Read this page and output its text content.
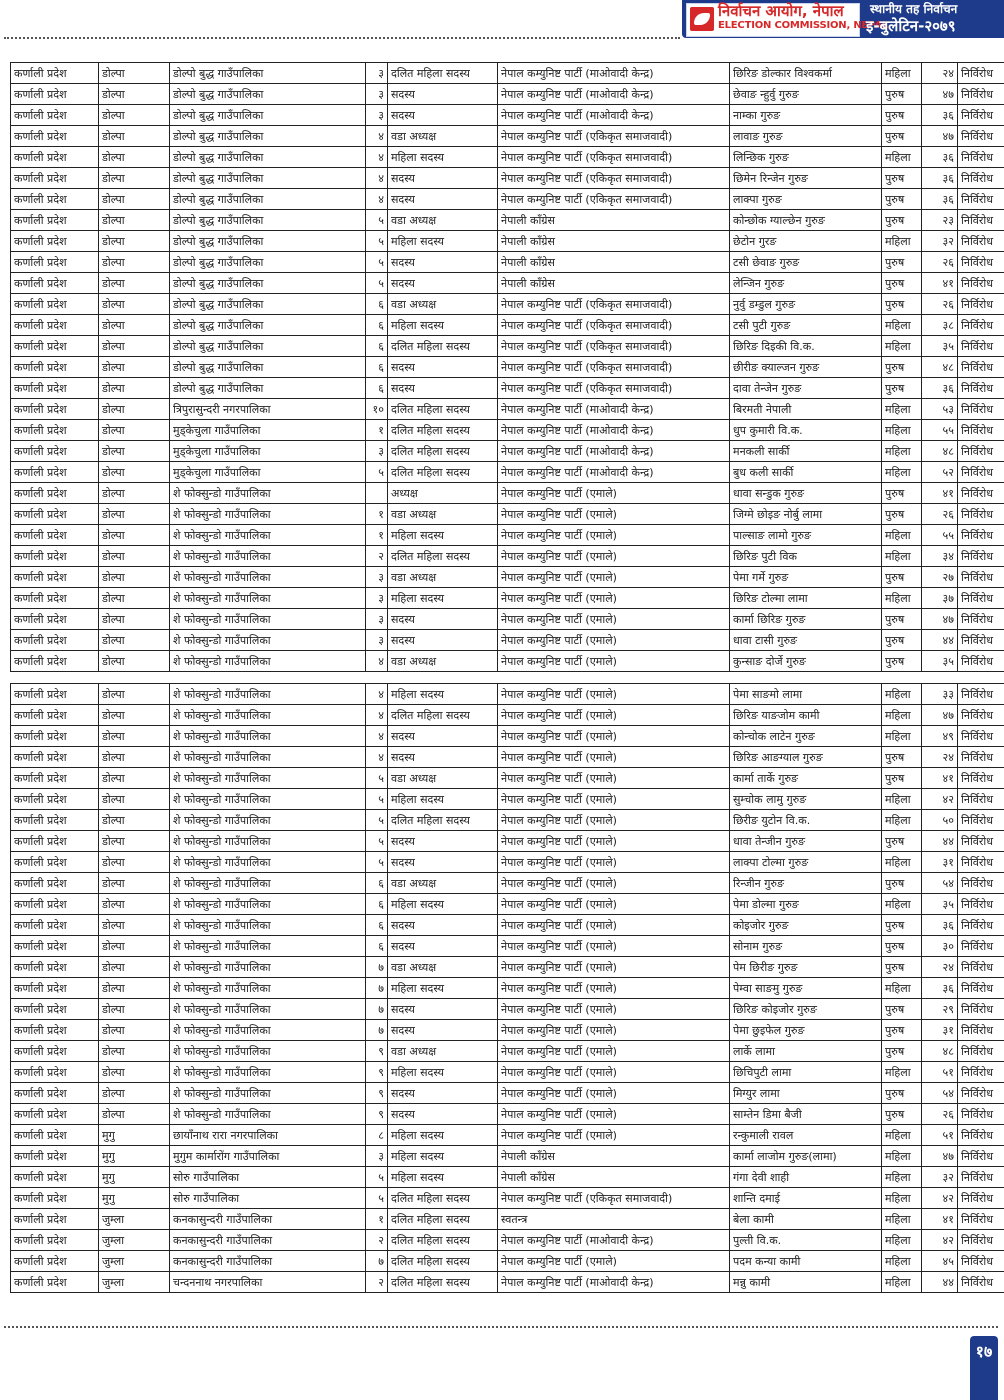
निर्वाचन आयोग, नेपाल
ELECTION COMMISSION, NEPAL
स्थानीय तह निर्वाचन
इ-बुलेटिन-२०७९
कर्णाली प्रदेश	डोल्पा	डोल्पो बुद्ध गाउँपालिका	३	दलित महिला सदस्य	नेपाल कम्युनिष्ट पार्टी (माओवादी केन्द्र)	छिरिङ डोल्कार विश्वकर्मा	महिला	२४	निर्विरोध
कर्णाली प्रदेश	डोल्पा	डोल्पो बुद्ध गाउँपालिका	३	सदस्य	नेपाल कम्युनिष्ट पार्टी (माओवादी केन्द्र)	छेवाङ न्हुर्वु गुरुङ	पुरुष	४७	निर्विरोध
कर्णाली प्रदेश	डोल्पा	डोल्पो बुद्ध गाउँपालिका	३	सदस्य	नेपाल कम्युनिष्ट पार्टी (माओवादी केन्द्र)	नाम्का गुरुङ	पुरुष	३६	निर्विरोध
कर्णाली प्रदेश	डोल्पा	डोल्पो बुद्ध गाउँपालिका	४	वडा अध्यक्ष	नेपाल कम्युनिष्ट पार्टी (एकिकृत समाजवादी)	लावाङ गुरुङ	पुरुष	४७	निर्विरोध
कर्णाली प्रदेश	डोल्पा	डोल्पो बुद्ध गाउँपालिका	४	महिला सदस्य	नेपाल कम्युनिष्ट पार्टी (एकिकृत समाजवादी)	लिन्छिक गुरुङ	महिला	३६	निर्विरोध
कर्णाली प्रदेश	डोल्पा	डोल्पो बुद्ध गाउँपालिका	४	सदस्य	नेपाल कम्युनिष्ट पार्टी (एकिकृत समाजवादी)	छिमेन रिन्जेन गुरुङ	पुरुष	३६	निर्विरोध
कर्णाली प्रदेश	डोल्पा	डोल्पो बुद्ध गाउँपालिका	४	सदस्य	नेपाल कम्युनिष्ट पार्टी (एकिकृत समाजवादी)	लाक्पा गुरुङ	पुरुष	३६	निर्विरोध
कर्णाली प्रदेश	डोल्पा	डोल्पो बुद्ध गाउँपालिका	५	वडा अध्यक्ष	नेपाली काँग्रेस	कोन्छोक ग्याल्छेन गुरुङ	पुरुष	२३	निर्विरोध
कर्णाली प्रदेश	डोल्पा	डोल्पो बुद्ध गाउँपालिका	५	महिला सदस्य	नेपाली काँग्रेस	छेटोन गुरङ	महिला	३२	निर्विरोध
कर्णाली प्रदेश	डोल्पा	डोल्पो बुद्ध गाउँपालिका	५	सदस्य	नेपाली काँग्रेस	टसी छेवाङ गुरुङ	पुरुष	२६	निर्विरोध
कर्णाली प्रदेश	डोल्पा	डोल्पो बुद्ध गाउँपालिका	५	सदस्य	नेपाली काँग्रेस	लेन्जिन गुरुङ	पुरुष	४१	निर्विरोध
कर्णाली प्रदेश	डोल्पा	डोल्पो बुद्ध गाउँपालिका	६	वडा अध्यक्ष	नेपाल कम्युनिष्ट पार्टी (एकिकृत समाजवादी)	नुर्वु डम्डुल गुरुङ	पुरुष	२६	निर्विरोध
कर्णाली प्रदेश	डोल्पा	डोल्पो बुद्ध गाउँपालिका	६	महिला सदस्य	नेपाल कम्युनिष्ट पार्टी (एकिकृत समाजवादी)	टसी पुटी गुरुङ	महिला	३८	निर्विरोध
कर्णाली प्रदेश	डोल्पा	डोल्पो बुद्ध गाउँपालिका	६	दलित महिला सदस्य	नेपाल कम्युनिष्ट पार्टी (एकिकृत समाजवादी)	छिरिङ दिइकी वि.क.	महिला	३५	निर्विरोध
कर्णाली प्रदेश	डोल्पा	डोल्पो बुद्ध गाउँपालिका	६	सदस्य	नेपाल कम्युनिष्ट पार्टी (एकिकृत समाजवादी)	छीरीङ क्याल्जन गुरुङ	पुरुष	४८	निर्विरोध
कर्णाली प्रदेश	डोल्पा	डोल्पो बुद्ध गाउँपालिका	६	सदस्य	नेपाल कम्युनिष्ट पार्टी (एकिकृत समाजवादी)	दावा तेन्जेन गुरुङ	पुरुष	३६	निर्विरोध
कर्णाली प्रदेश	डोल्पा	त्रिपुरासुन्दरी नगरपालिका	१०	दलित महिला सदस्य	नेपाल कम्युनिष्ट पार्टी (माओवादी केन्द्र)	बिरमती नेपाली	महिला	५३	निर्विरोध
कर्णाली प्रदेश	डोल्पा	मुड्केचुला गाउँपालिका	१	दलित महिला सदस्य	नेपाल कम्युनिष्ट पार्टी (माओवादी केन्द्र)	धुप कुमारी वि.क.	महिला	५५	निर्विरोध
कर्णाली प्रदेश	डोल्पा	मुड्केचुला गाउँपालिका	३	दलित महिला सदस्य	नेपाल कम्युनिष्ट पार्टी (माओवादी केन्द्र)	मनकली सार्की	महिला	४८	निर्विरोध
कर्णाली प्रदेश	डोल्पा	मुड्केचुला गाउँपालिका	५	दलित महिला सदस्य	नेपाल कम्युनिष्ट पार्टी (माओवादी केन्द्र)	बुध कली सार्की	महिला	५२	निर्विरोध
कर्णाली प्रदेश	डोल्पा	शे फोक्सुन्डो गाउँपालिका		अध्यक्ष	नेपाल कम्युनिष्ट पार्टी (एमाले)	धावा सन्डुक गुरुङ	पुरुष	४१	निर्विरोध
कर्णाली प्रदेश	डोल्पा	शे फोक्सुन्डो गाउँपालिका	१	वडा अध्यक्ष	नेपाल कम्युनिष्ट पार्टी (एमाले)	जिग्मे छोइङ नोर्बु लामा	पुरुष	२६	निर्विरोध
कर्णाली प्रदेश	डोल्पा	शे फोक्सुन्डो गाउँपालिका	१	महिला सदस्य	नेपाल कम्युनिष्ट पार्टी (एमाले)	पाल्साङ लामो गुरुङ	महिला	५५	निर्विरोध
कर्णाली प्रदेश	डोल्पा	शे फोक्सुन्डो गाउँपालिका	२	दलित महिला सदस्य	नेपाल कम्युनिष्ट पार्टी (एमाले)	छिरिङ पुटी विक	महिला	३४	निर्विरोध
कर्णाली प्रदेश	डोल्पा	शे फोक्सुन्डो गाउँपालिका	३	वडा अध्यक्ष	नेपाल कम्युनिष्ट पार्टी (एमाले)	पेमा गर्मे गुरुङ	पुरुष	२७	निर्विरोध
कर्णाली प्रदेश	डोल्पा	शे फोक्सुन्डो गाउँपालिका	३	महिला सदस्य	नेपाल कम्युनिष्ट पार्टी (एमाले)	छिरिङ टोल्मा लामा	महिला	३७	निर्विरोध
कर्णाली प्रदेश	डोल्पा	शे फोक्सुन्डो गाउँपालिका	३	सदस्य	नेपाल कम्युनिष्ट पार्टी (एमाले)	कार्मा छिरिङ गुरुङ	पुरुष	४७	निर्विरोध
कर्णाली प्रदेश	डोल्पा	शे फोक्सुन्डो गाउँपालिका	३	सदस्य	नेपाल कम्युनिष्ट पार्टी (एमाले)	धावा टासी गुरुङ	पुरुष	४४	निर्विरोध
कर्णाली प्रदेश	डोल्पा	शे फोक्सुन्डो गाउँपालिका	४	वडा अध्यक्ष	नेपाल कम्युनिष्ट पार्टी (एमाले)	कुन्साङ दोर्जे गुरुङ	पुरुष	३५	निर्विरोध
कर्णाली प्रदेश	डोल्पा	शे फोक्सुन्डो गाउँपालिका	४	महिला सदस्य	नेपाल कम्युनिष्ट पार्टी (एमाले)	पेमा साङमो लामा	महिला	३३	निर्विरोध
कर्णाली प्रदेश	डोल्पा	शे फोक्सुन्डो गाउँपालिका	४	दलित महिला सदस्य	नेपाल कम्युनिष्ट पार्टी (एमाले)	छिरिङ याङजोम कामी	महिला	४७	निर्विरोध
कर्णाली प्रदेश	डोल्पा	शे फोक्सुन्डो गाउँपालिका	४	सदस्य	नेपाल कम्युनिष्ट पार्टी (एमाले)	कोन्चोक लाटेन गुरुङ	महिला	४९	निर्विरोध
कर्णाली प्रदेश	डोल्पा	शे फोक्सुन्डो गाउँपालिका	४	सदस्य	नेपाल कम्युनिष्ट पार्टी (एमाले)	छिरिङ आङग्याल गुरुङ	पुरुष	२४	निर्विरोध
कर्णाली प्रदेश	डोल्पा	शे फोक्सुन्डो गाउँपालिका	५	वडा अध्यक्ष	नेपाल कम्युनिष्ट पार्टी (एमाले)	कार्मा तार्के गुरुङ	पुरुष	४१	निर्विरोध
कर्णाली प्रदेश	डोल्पा	शे फोक्सुन्डो गाउँपालिका	५	महिला सदस्य	नेपाल कम्युनिष्ट पार्टी (एमाले)	सुम्चोक लामु गुरुङ	महिला	४२	निर्विरोध
कर्णाली प्रदेश	डोल्पा	शे फोक्सुन्डो गाउँपालिका	५	दलित महिला सदस्य	नेपाल कम्युनिष्ट पार्टी (एमाले)	छिरीङ युटोन वि.क.	महिला	५०	निर्विरोध
कर्णाली प्रदेश	डोल्पा	शे फोक्सुन्डो गाउँपालिका	५	सदस्य	नेपाल कम्युनिष्ट पार्टी (एमाले)	धावा तेन्जीन गुरुङ	पुरुष	४४	निर्विरोध
कर्णाली प्रदेश	डोल्पा	शे फोक्सुन्डो गाउँपालिका	५	सदस्य	नेपाल कम्युनिष्ट पार्टी (एमाले)	लाक्पा टोल्मा गुरुङ	महिला	३१	निर्विरोध
कर्णाली प्रदेश	डोल्पा	शे फोक्सुन्डो गाउँपालिका	६	वडा अध्यक्ष	नेपाल कम्युनिष्ट पार्टी (एमाले)	रिन्जीन गुरुङ	पुरुष	५४	निर्विरोध
कर्णाली प्रदेश	डोल्पा	शे फोक्सुन्डो गाउँपालिका	६	महिला सदस्य	नेपाल कम्युनिष्ट पार्टी (एमाले)	पेमा डोल्मा गुरुङ	महिला	३५	निर्विरोध
कर्णाली प्रदेश	डोल्पा	शे फोक्सुन्डो गाउँपालिका	६	सदस्य	नेपाल कम्युनिष्ट पार्टी (एमाले)	कोइजोर गुरुङ	पुरुष	३६	निर्विरोध
कर्णाली प्रदेश	डोल्पा	शे फोक्सुन्डो गाउँपालिका	६	सदस्य	नेपाल कम्युनिष्ट पार्टी (एमाले)	सोनाम गुरुङ	पुरुष	३०	निर्विरोध
कर्णाली प्रदेश	डोल्पा	शे फोक्सुन्डो गाउँपालिका	७	वडा अध्यक्ष	नेपाल कम्युनिष्ट पार्टी (एमाले)	पेम छिरीङ गुरुङ	पुरुष	२४	निर्विरोध
कर्णाली प्रदेश	डोल्पा	शे फोक्सुन्डो गाउँपालिका	७	महिला सदस्य	नेपाल कम्युनिष्ट पार्टी (एमाले)	पेम्वा साङमु गुरुङ	महिला	३६	निर्विरोध
कर्णाली प्रदेश	डोल्पा	शे फोक्सुन्डो गाउँपालिका	७	सदस्य	नेपाल कम्युनिष्ट पार्टी (एमाले)	छिरिङ कोइजोर गुरुङ	पुरुष	२९	निर्विरोध
कर्णाली प्रदेश	डोल्पा	शे फोक्सुन्डो गाउँपालिका	७	सदस्य	नेपाल कम्युनिष्ट पार्टी (एमाले)	पेमा छुइफेल गुरुङ	पुरुष	३१	निर्विरोध
कर्णाली प्रदेश	डोल्पा	शे फोक्सुन्डो गाउँपालिका	९	वडा अध्यक्ष	नेपाल कम्युनिष्ट पार्टी (एमाले)	लार्के लामा	पुरुष	४८	निर्विरोध
कर्णाली प्रदेश	डोल्पा	शे फोक्सुन्डो गाउँपालिका	९	महिला सदस्य	नेपाल कम्युनिष्ट पार्टी (एमाले)	छिचिपुटी लामा	महिला	५१	निर्विरोध
कर्णाली प्रदेश	डोल्पा	शे फोक्सुन्डो गाउँपालिका	९	सदस्य	नेपाल कम्युनिष्ट पार्टी (एमाले)	मिग्युर लामा	पुरुष	५४	निर्विरोध
कर्णाली प्रदेश	डोल्पा	शे फोक्सुन्डो गाउँपालिका	९	सदस्य	नेपाल कम्युनिष्ट पार्टी (एमाले)	साम्तेन डिमा बैजी	पुरुष	२६	निर्विरोध
कर्णाली प्रदेश	मुगु	छायाँनाथ रारा नगरपालिका	८	महिला सदस्य	नेपाल कम्युनिष्ट पार्टी (एमाले)	रन्कुमाली रावल	महिला	५१	निर्विरोध
कर्णाली प्रदेश	मुगु	मुगुम कार्मारोंग गाउँपालिका	३	महिला सदस्य	नेपाली काँग्रेस	कार्मा लाजोम गुरुङ(लामा)	महिला	४७	निर्विरोध
कर्णाली प्रदेश	मुगु	सोरु गाउँपालिका	५	महिला सदस्य	नेपाली काँग्रेस	गंगा देवी शाही	महिला	३२	निर्विरोध
कर्णाली प्रदेश	मुगु	सोरु गाउँपालिका	५	दलित महिला सदस्य	नेपाल कम्युनिष्ट पार्टी (एकिकृत समाजवादी)	शान्ति दमाई	महिला	४२	निर्विरोध
कर्णाली प्रदेश	जुम्ला	कनकासुन्दरी गाउँपालिका	१	दलित महिला सदस्य	स्वतन्त्र	बेला कामी	महिला	४१	निर्विरोध
कर्णाली प्रदेश	जुम्ला	कनकासुन्दरी गाउँपालिका	२	दलित महिला सदस्य	नेपाल कम्युनिष्ट पार्टी (माओवादी केन्द्र)	पुल्ती वि.क.	महिला	४२	निर्विरोध
कर्णाली प्रदेश	जुम्ला	कनकासुन्दरी गाउँपालिका	७	दलित महिला सदस्य	नेपाल कम्युनिष्ट पार्टी (एमाले)	पदम कन्या कामी	महिला	४५	निर्विरोध
कर्णाली प्रदेश	जुम्ला	चन्दननाथ नगरपालिका	२	दलित महिला सदस्य	नेपाल कम्युनिष्ट पार्टी (माओवादी केन्द्र)	मन्नु कामी	महिला	४४	निर्विरोध
१७
